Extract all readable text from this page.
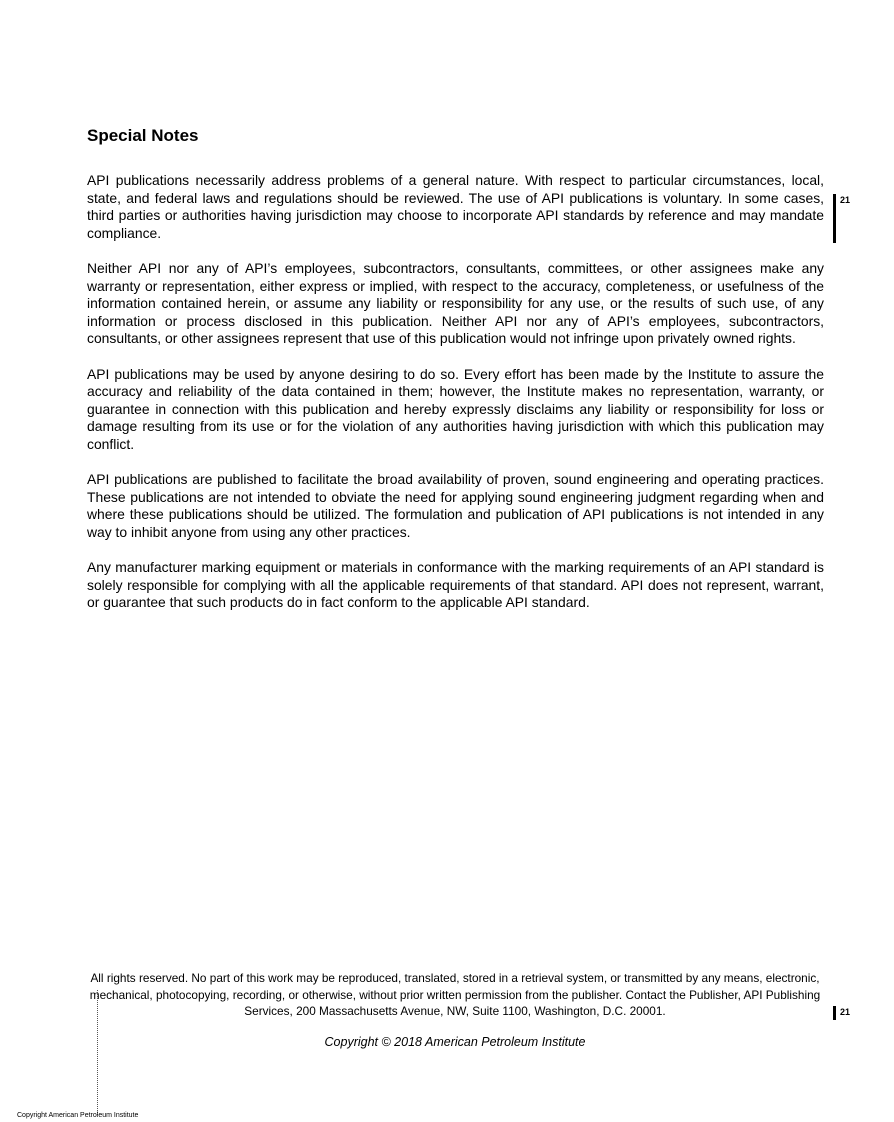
Special Notes

API publications necessarily address problems of a general nature. With respect to particular circumstances, local, state, and federal laws and regulations should be reviewed. The use of API publications is voluntary. In some cases, third parties or authorities having jurisdiction may choose to incorporate API standards by reference and may mandate compliance.

Neither API nor any of API’s employees, subcontractors, consultants, committees, or other assignees make any warranty or representation, either express or implied, with respect to the accuracy, completeness, or usefulness of the information contained herein, or assume any liability or responsibility for any use, or the results of such use, of any information or process disclosed in this publication. Neither API nor any of API’s employees, subcontractors, consultants, or other assignees represent that use of this publication would not infringe upon privately owned rights.

API publications may be used by anyone desiring to do so. Every effort has been made by the Institute to assure the accuracy and reliability of the data contained in them; however, the Institute makes no representation, warranty, or guarantee in connection with this publication and hereby expressly disclaims any liability or responsibility for loss or damage resulting from its use or for the violation of any authorities having jurisdiction with which this publication may conflict.

API publications are published to facilitate the broad availability of proven, sound engineering and operating practices. These publications are not intended to obviate the need for applying sound engineering judgment regarding when and where these publications should be utilized. The formulation and publication of API publications is not intended in any way to inhibit anyone from using any other practices.

Any manufacturer marking equipment or materials in conformance with the marking requirements of an API standard is solely responsible for complying with all the applicable requirements of that standard. API does not represent, warrant, or guarantee that such products do in fact conform to the applicable API standard.

21

All rights reserved. No part of this work may be reproduced, translated, stored in a retrieval system, or transmitted by any means, electronic, mechanical, photocopying, recording, or otherwise, without prior written permission from the publisher. Contact the Publisher, API Publishing Services, 200 Massachusetts Avenue, NW, Suite 1100, Washington, D.C. 20001.	21

Copyright © 2018 American Petroleum Institute

Copyright American Petroleum Institute
